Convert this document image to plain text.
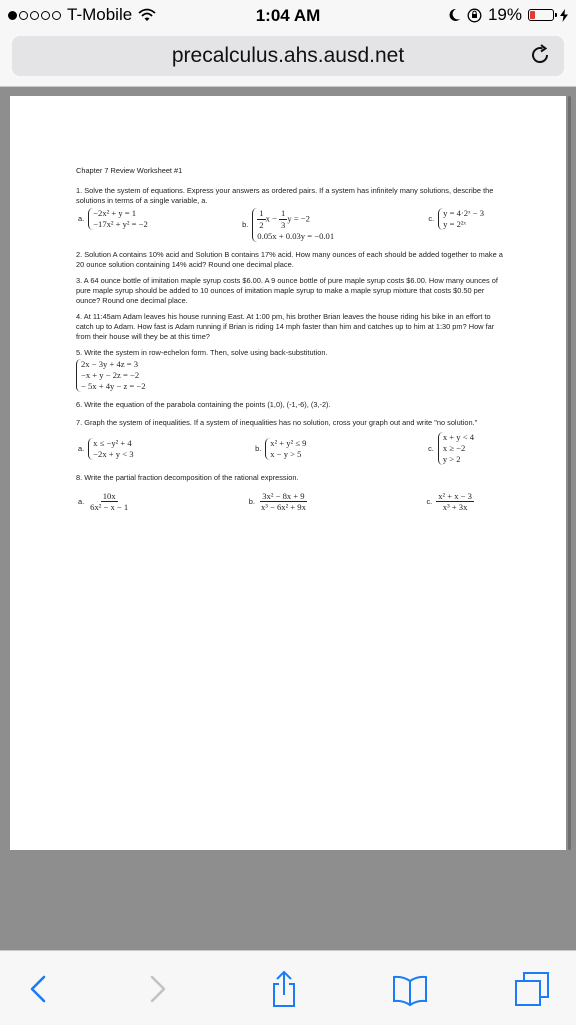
T-Mobile	1:04 AM	19%
precalculus.ahs.ausd.net
Chapter 7 Review Worksheet #1
1. Solve the system of equations. Express your answers as ordered pairs. If a system has infinitely many solutions, describe the solutions in terms of a single variable, a.
a.
−2x² + y = 1
−17x² + y² = −2	b. $\frac{1}{2}$ $x - \frac{1}{3}$ y = −2
0.05x + 0.03y = −0.01
c.
y = 4·2ˣ − 3
y = 2²ˣ
2. Solution A contains 10% acid and Solution B contains 17% acid. How many ounces of each should be added together to make a 20 ounce solution containing 14% acid? Round one decimal place.
3. A 64 ounce bottle of imitation maple syrup costs $6.00. A 9 ounce bottle of pure maple syrup costs $6.00. How many ounces of pure maple syrup should be added to 10 ounces of imitation maple syrup to make a maple syrup mixture that costs $0.50 per ounce? Round one decimal place.
4. At 11:45am Adam leaves his house running East. At 1:00 pm, his brother Brian leaves the house riding his bike in an effort to catch up to Adam. How fast is Adam running if Brian is riding 14 mph faster than him and catches up to him at 1:30 pm? How far from their house will they be at this time?
5. Write the system in row-echelon form. Then, solve using back-substitution.
2x − 3y + 4z = 3
−x + y − 2z = −2
− 5x + 4y − z = −2
6. Write the equation of the parabola containing the points (1,0), (-1,-6), (3,-2).
7. Graph the system of inequalities. If a system of inequalities has no solution, cross your graph out and write "no solution."
a.
x ≤ −y² + 4
−2x + y < 3
b.
x² + y² ≤ 9
x − y > 5
c.
x + y < 4
x ≥ −2
y > 2
8. Write the partial fraction decomposition of the rational expression.
a. $\frac{10x}{\text{6x² − x − 1}}$	b. $\frac{\text{3x² − 8x + 9}}{\text{x³ − 6x² + 9x}}$	c. $\frac{\text{x² + x − 3}}{\text{x³ + 3x}}$
